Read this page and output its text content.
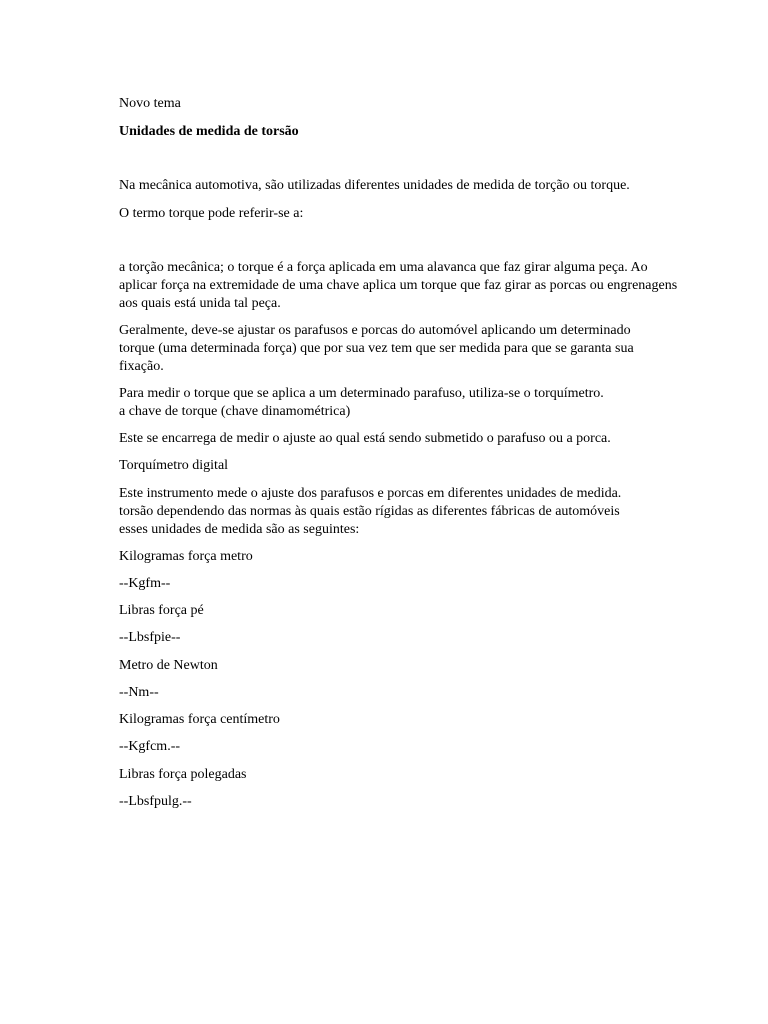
Novo tema
Unidades de medida de torsão
Na mecânica automotiva, são utilizadas diferentes unidades de medida de torção ou torque.
O termo torque pode referir-se a:
a torção mecânica; o torque é a força aplicada em uma alavanca que faz girar alguma peça. Ao
aplicar força na extremidade de uma chave aplica um torque que faz girar as porcas ou engrenagens
aos quais está unida tal peça.
Geralmente, deve-se ajustar os parafusos e porcas do automóvel aplicando um determinado
torque (uma determinada força) que por sua vez tem que ser medida para que se garanta sua
fixação.
Para medir o torque que se aplica a um determinado parafuso, utiliza-se o torquímetro.
a chave de torque (chave dinamométrica)
Este se encarrega de medir o ajuste ao qual está sendo submetido o parafuso ou a porca.
Torquímetro digital
Este instrumento mede o ajuste dos parafusos e porcas em diferentes unidades de medida.
torsão dependendo das normas às quais estão rígidas as diferentes fábricas de automóveis
esses unidades de medida são as seguintes:
Kilogramas força metro
--Kgfm--
Libras força pé
--Lbsfpie--
Metro de Newton
--Nm--
Kilogramas força centímetro
--Kgfcm.--
Libras força polegadas
--Lbsfpulg.--
